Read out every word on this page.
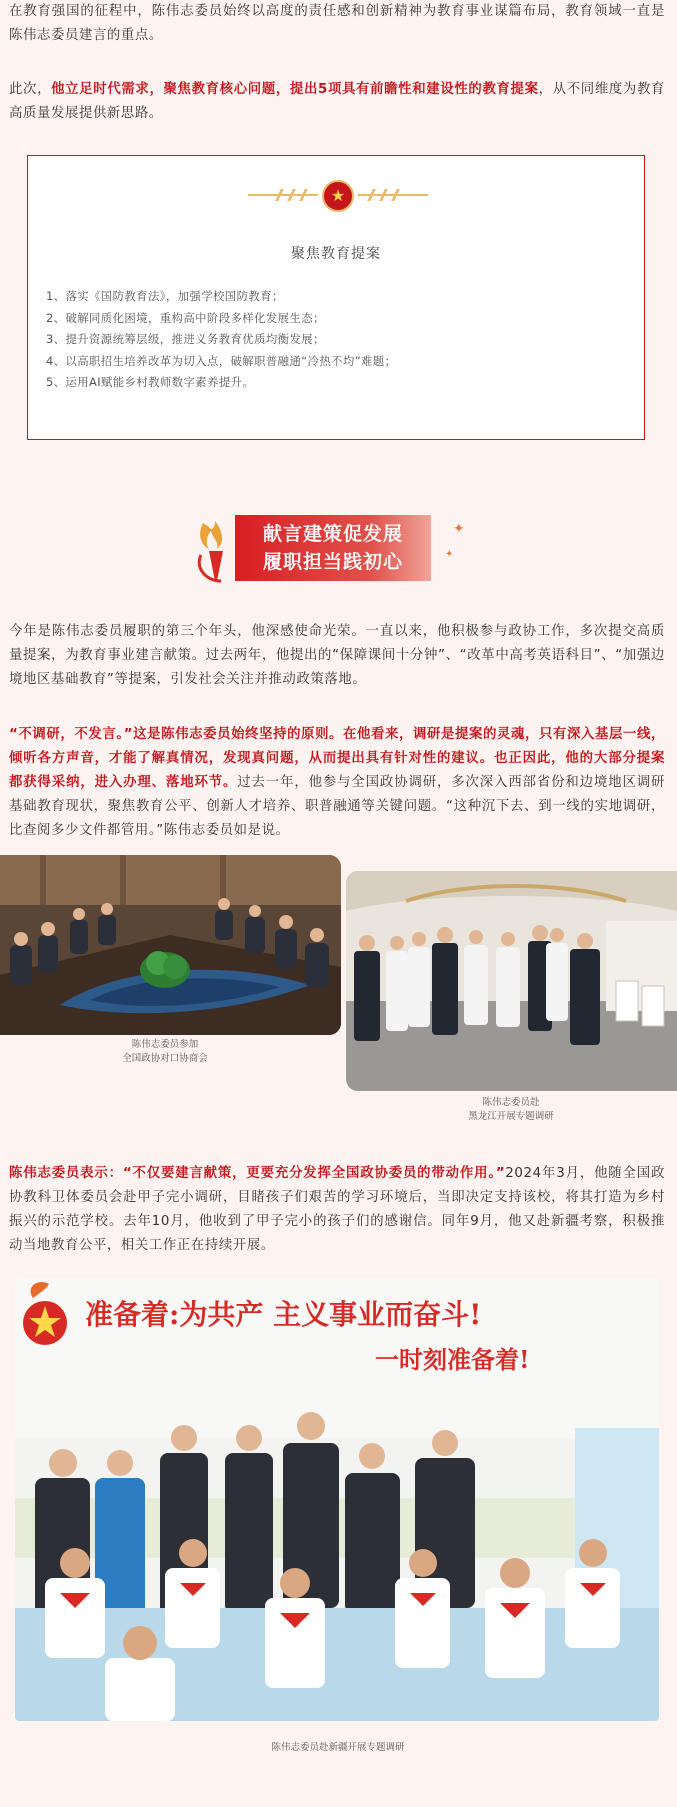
在教育强国的征程中，陈伟志委员始终以高度的责任感和创新精神为教育事业谋篇布局，教育领域一直是陈伟志委员建言的重点。

此次，他立足时代需求，聚焦教育核心问题，提出5项具有前瞻性和建设性的教育提案，从不同维度为教育高质量发展提供新思路。

★

聚焦教育提案

1、落实《国防教育法》，加强学校国防教育；
2、破解同质化困境，重构高中阶段多样化发展生态；
3、提升资源统筹层级，推进义务教育优质均衡发展；
4、以高职招生培养改革为切入点，破解职普融通“冷热不均”难题；
5、运用AI赋能乡村教师数字素养提升。
献言建策促发展
履职担当践初心
✦
✦

今年是陈伟志委员履职的第三个年头，他深感使命光荣。一直以来，他积极参与政协工作，多次提交高质量提案，为教育事业建言献策。过去两年，他提出的“保障课间十分钟”、“改革中高考英语科目”、“加强边境地区基础教育”等提案，引发社会关注并推动政策落地。

“不调研，不发言。”这是陈伟志委员始终坚持的原则。在他看来，调研是提案的灵魂，只有深入基层一线，倾听各方声音，才能了解真情况，发现真问题，从而提出具有针对性的建议。也正因此，他的大部分提案都获得采纳，进入办理、落地环节。过去一年，他参与全国政协调研，多次深入西部省份和边境地区调研基础教育现状，聚焦教育公平、创新人才培养、职普融通等关键问题。“这种沉下去、到一线的实地调研，比查阅多少文件都管用。”陈伟志委员如是说。

陈伟志委员参加
全国政协对口协商会
陈伟志委员赴
黑龙江开展专题调研

陈伟志委员表示：“不仅要建言献策，更要充分发挥全国政协委员的带动作用。”2024年3月，他随全国政协教科卫体委员会赴甲子完小调研，目睹孩子们艰苦的学习环境后，当即决定支持该校，将其打造为乡村振兴的示范学校。去年10月，他收到了甲子完小的孩子们的感谢信。同年9月，他又赴新疆考察，积极推动当地教育公平，相关工作正在持续开展。

准备着:为共产 主义事业而奋斗!
一时刻准备着!
陈伟志委员赴新疆开展专题调研
